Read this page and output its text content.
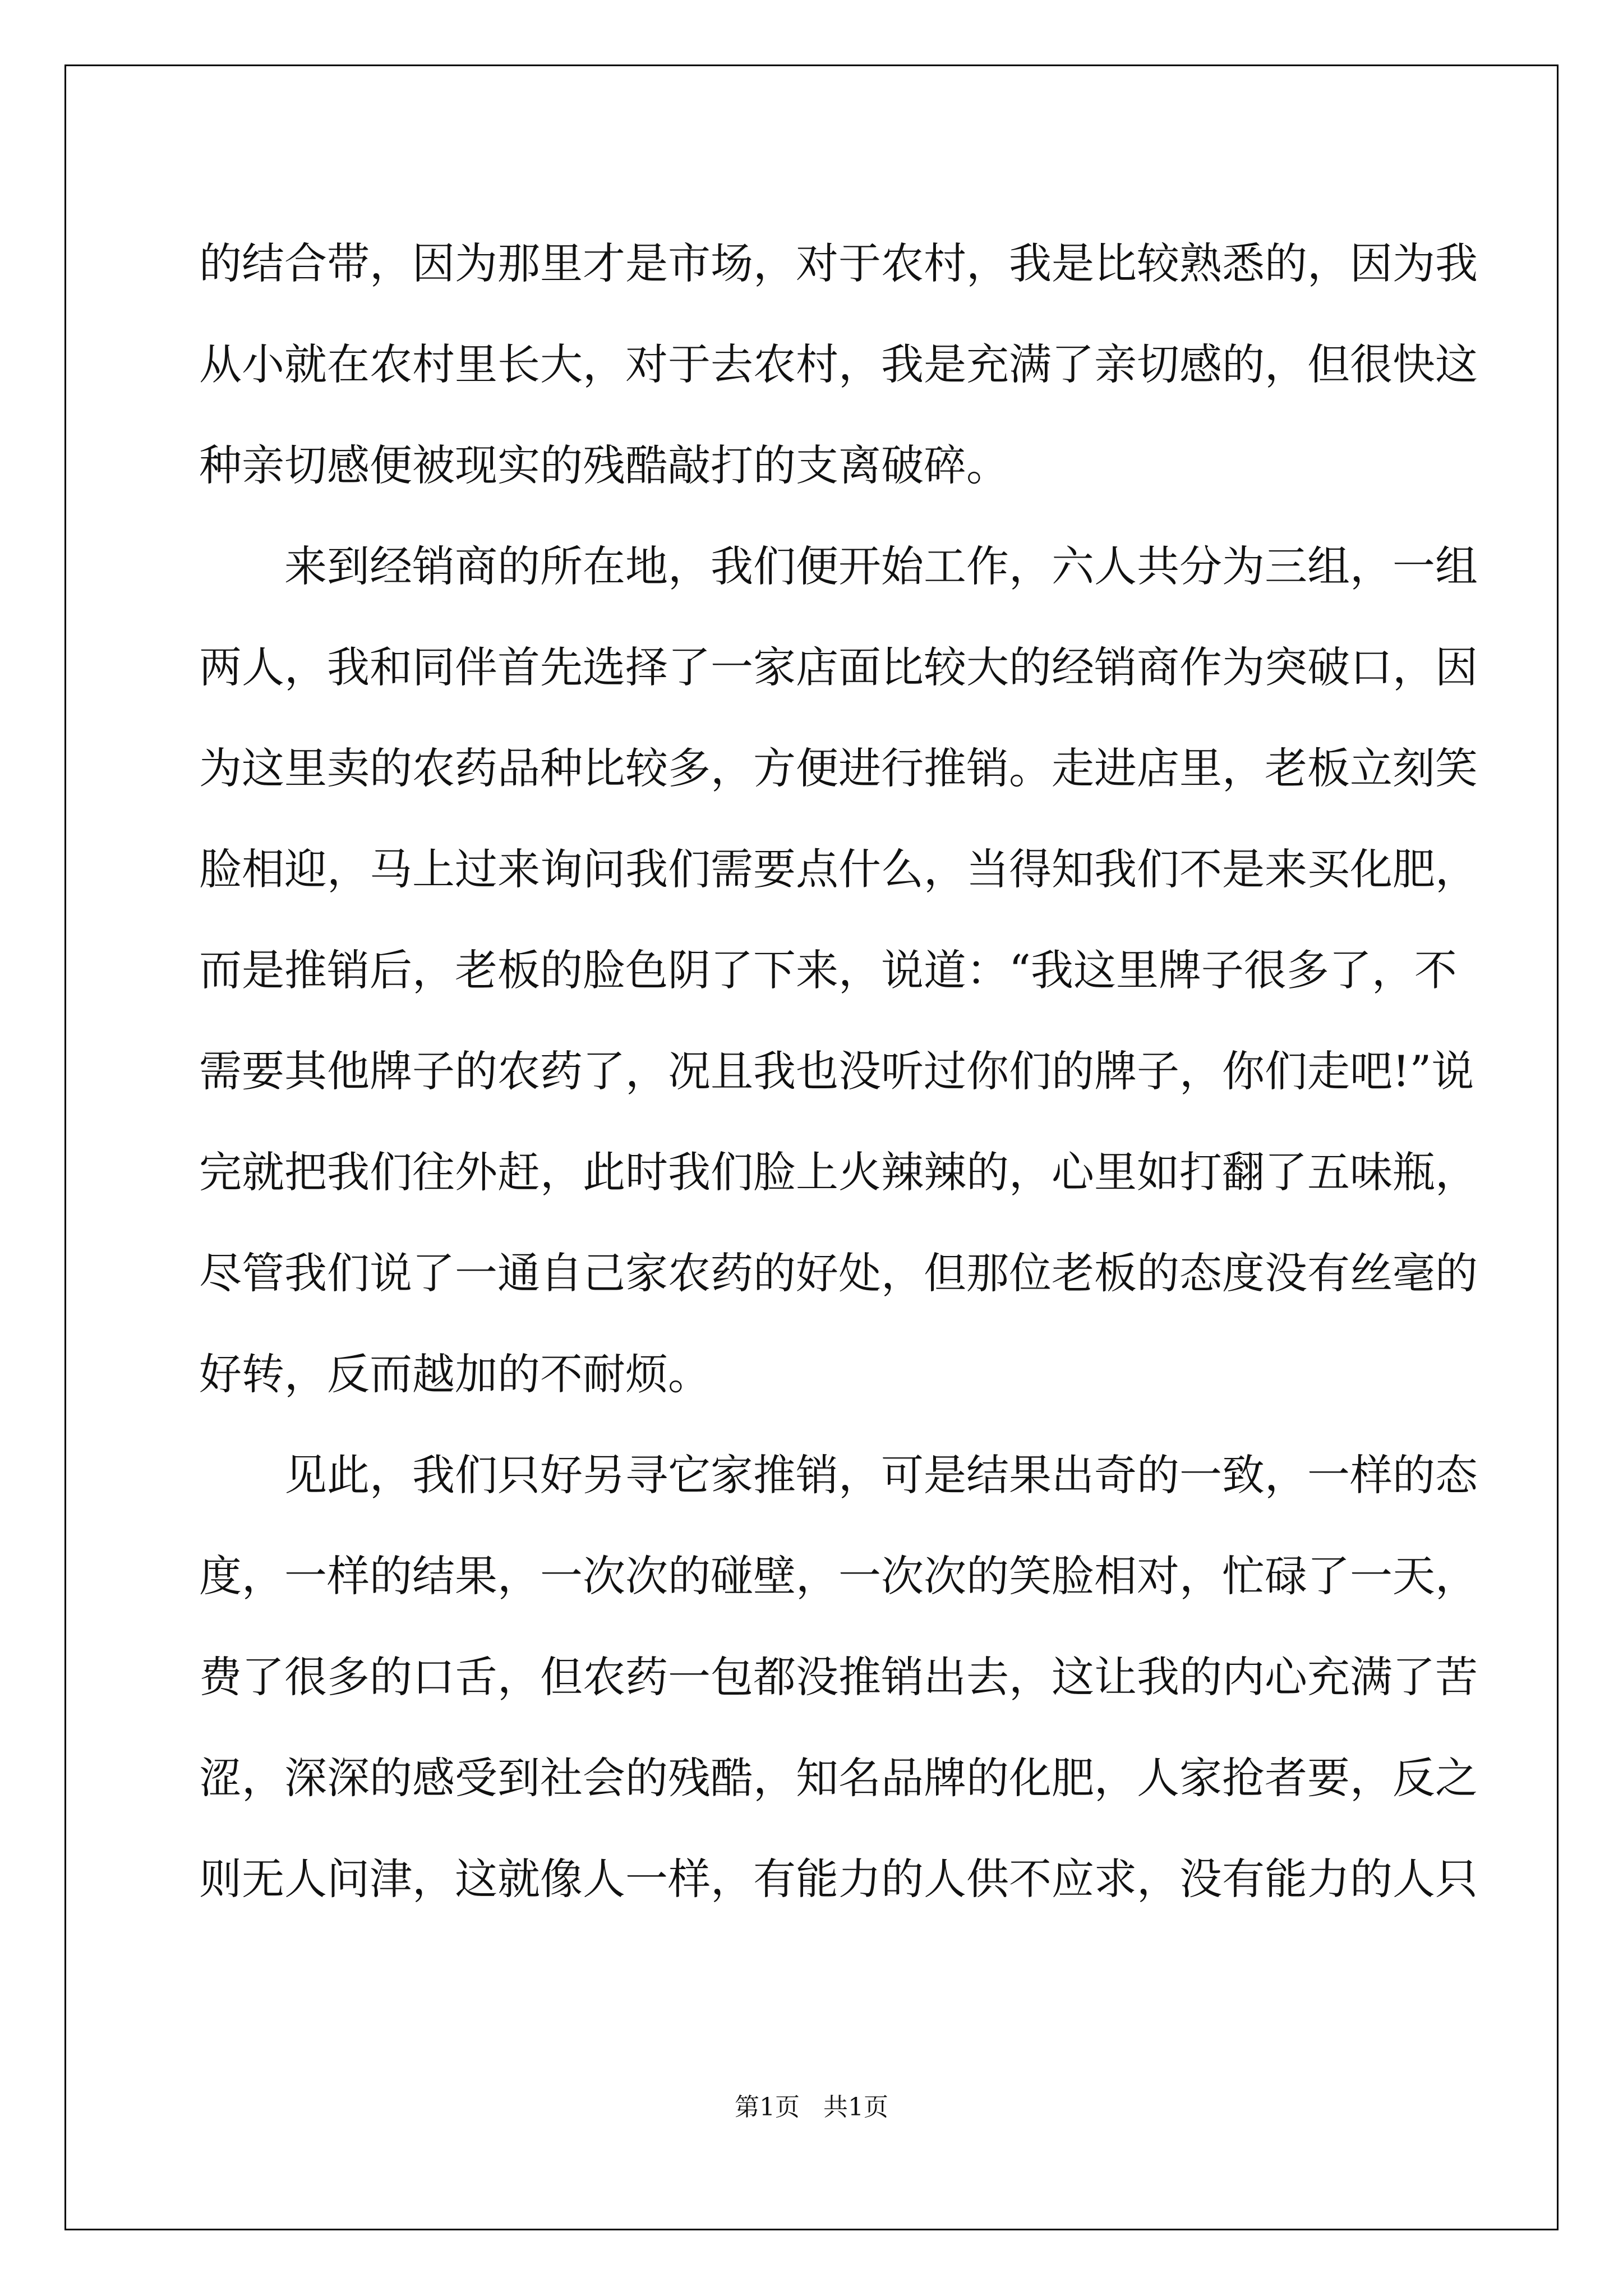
的结合带，因为那里才是市场，对于农村，我是比较熟悉的，因为我
从小就在农村里长大，对于去农村，我是充满了亲切感的，但很快这
种亲切感便被现实的残酷敲打的支离破碎。
来到经销商的所在地，我们便开始工作，六人共分为三组，一组
两人，我和同伴首先选择了一家店面比较大的经销商作为突破口，因
为这里卖的农药品种比较多，方便进行推销。走进店里，老板立刻笑
脸相迎，马上过来询问我们需要点什么，当得知我们不是来买化肥，
而是推销后，老板的脸色阴了下来，说道：“我这里牌子很多了，不
需要其他牌子的农药了，况且我也没听过你们的牌子，你们走吧!”说
完就把我们往外赶，此时我们脸上火辣辣的，心里如打翻了五味瓶，
尽管我们说了一通自己家农药的好处，但那位老板的态度没有丝毫的
好转，反而越加的不耐烦。
见此，我们只好另寻它家推销，可是结果出奇的一致，一样的态
度，一样的结果，一次次的碰壁，一次次的笑脸相对，忙碌了一天，
费了很多的口舌，但农药一包都没推销出去，这让我的内心充满了苦
涩，深深的感受到社会的残酷，知名品牌的化肥，人家抢者要，反之
则无人问津，这就像人一样，有能力的人供不应求，没有能力的人只
第1页 共1页
